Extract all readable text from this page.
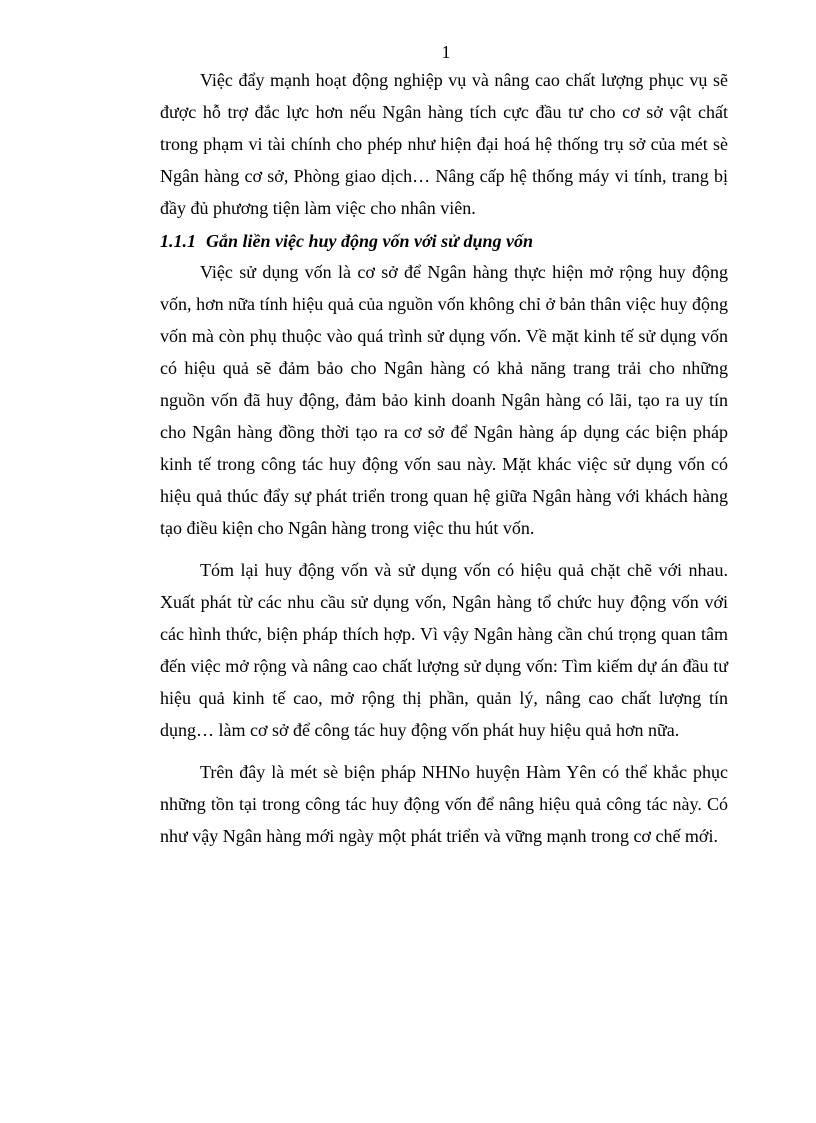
1

Việc đẩy mạnh hoạt động nghiệp vụ và nâng cao chất lượng phục vụ sẽ được hỗ trợ đắc lực hơn nếu Ngân hàng tích cực đầu tư cho cơ sở vật chất trong phạm vi tài chính cho phép như hiện đại hoá hệ thống trụ sở của mét sè Ngân hàng cơ sở, Phòng giao dịch… Nâng cấp hệ thống máy vi tính, trang bị đầy đủ phương tiện làm việc cho nhân viên.

1.1.1 Gắn liền việc huy động vốn với sử dụng vốn

Việc sử dụng vốn là cơ sở để Ngân hàng thực hiện mở rộng huy động vốn, hơn nữa tính hiệu quả của nguồn vốn không chỉ ở bản thân việc huy động vốn mà còn phụ thuộc vào quá trình sử dụng vốn. Về mặt kinh tế sử dụng vốn có hiệu quả sẽ đảm bảo cho Ngân hàng có khả năng trang trải cho những nguồn vốn đã huy động, đảm bảo kinh doanh Ngân hàng có lãi, tạo ra uy tín cho Ngân hàng đồng thời tạo ra cơ sở để Ngân hàng áp dụng các biện pháp kinh tế trong công tác huy động vốn sau này. Mặt khác việc sử dụng vốn có hiệu quả thúc đẩy sự phát triển trong quan hệ giữa Ngân hàng với khách hàng tạo điều kiện cho Ngân hàng trong việc thu hút vốn.

Tóm lại huy động vốn và sử dụng vốn có hiệu quả chặt chẽ với nhau. Xuất phát từ các nhu cầu sử dụng vốn, Ngân hàng tổ chức huy động vốn với các hình thức, biện pháp thích hợp. Vì vậy Ngân hàng cần chú trọng quan tâm đến việc mở rộng và nâng cao chất lượng sử dụng vốn: Tìm kiếm dự án đầu tư hiệu quả kinh tế cao, mở rộng thị phần, quản lý, nâng cao chất lượng tín dụng… làm cơ sở để công tác huy động vốn phát huy hiệu quả hơn nữa.

Trên đây là mét sè biện pháp NHNo huyện Hàm Yên có thể khắc phục những tồn tại trong công tác huy động vốn để nâng hiệu quả công tác này. Có như vậy Ngân hàng mới ngày một phát triển và vững mạnh trong cơ chế mới.
